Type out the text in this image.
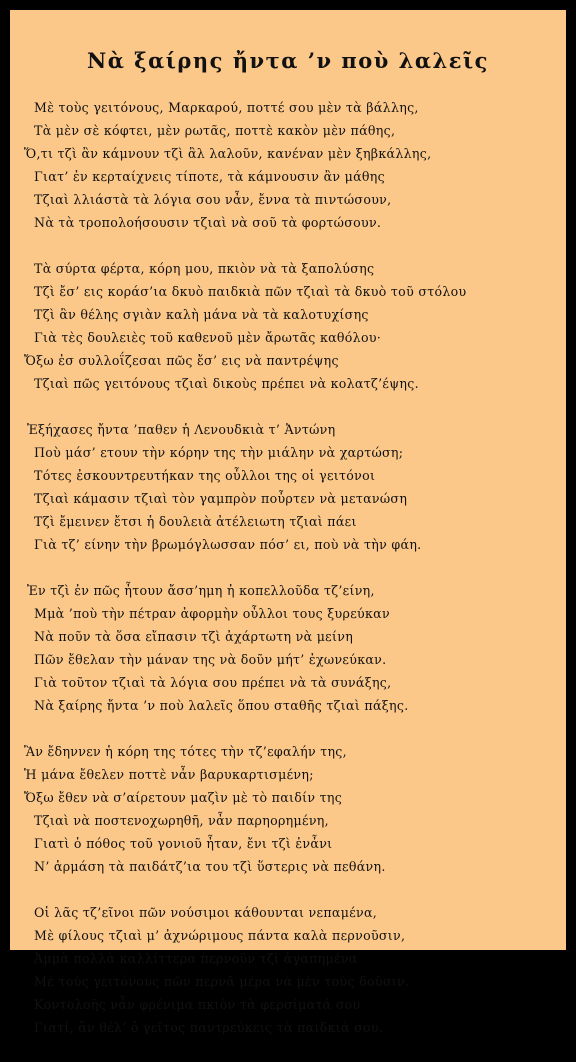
Νὰ ξαίρης ἤντα ’ν ποὺ λαλεῖς
Μὲ τοὺς γειτόνους, Μαρκαρού, ποττέ σου μὲν τὰ βάλλης,
Τὰ μὲν σὲ κόφτει, μὲν ρωτᾶς, ποττὲ κακὸν μὲν πάθης,
Ὅ,τι τζὶ ἂν κάμνουν τζὶ ἂλ λαλοῦν, κανέναν μὲν ξηβκάλλης,
Γιατ’ ἐν κερταίχνεις τίποτε, τὰ κάμνουσιν ἂν μάθης
Τζιαὶ λλιάστὰ τὰ λόγια σου νἆν, ἔννα τὰ πιντώσουν,
Νὰ τὰ τροπολοήσουσιν τζιαὶ νὰ σοῦ τὰ φορτώσουν.
Τὰ σύρτα φέρτα, κόρη μου, πκιὸν νὰ τὰ ξαπολύσης
Τζὶ ἔσ’ εις κοράσ’ια δκυὸ παιδκιὰ πῶν τζιαὶ τὰ δκυὸ τοῦ στόλου
Τζὶ ἂν θέλης σγιὰν καλὴ μάνα νὰ τὰ καλοτυχίσης
Γιὰ τὲς δουλειὲς τοῦ καθενοῦ μὲν ἄρωτᾶς καθόλου·
Ὄξω ἐσ συλλοΐζεσαι πῶς ἔσ’ εις νὰ παντρέψης
Τζιαὶ πῶς γειτόνους τζιαὶ δικοὺς πρέπει νὰ κολατζ’έψης.
Ἐξήχασες ἤντα ’παθεν ἡ Λενουδκιὰ τ’ Ἀντώνη
Ποὺ μάσ’ ετουν τὴν κόρην της τὴν μιάλην νὰ χαρτώση;
Τότες ἐσκουντρευτήκαν της οὖλλοι της οἱ γειτόνοι
Τζιαὶ κάμασιν τζιαὶ τὸν γαμπρὸν ποὖρτεν νὰ μετανώση
Τζὶ ἔμεινεν ἔτσι ἡ δουλειὰ ἀτέλειωτη τζιαὶ πάει
Γιὰ τζ’ είνην τὴν βρωμόγλωσσαν πόσ’ ει, ποὺ νὰ τὴν φάη.
Ἐν τζὶ ἐν πῶς ἦτουν ἄσσ’ημη ἡ κοπελλοῦδα τζ’είνη,
Μμὰ ’ποὺ τὴν πέτραν ἀφορμὴν οὖλλοι τους ξυρεύκαν
Νὰ ποῦν τὰ ὅσα εἴπασιν τζὶ ἀχάρτωτη νὰ μείνη
Πῶν ἔθελαν τὴν μάναν της νὰ δοῦν μήτ’ ἐχωνεύκαν.
Γιὰ τοῦτον τζιαὶ τὰ λόγια σου πρέπει νὰ τὰ συνάξης,
Νὰ ξαίρης ἤντα ’ν ποὺ λαλεῖς ὅπου σταθῆς τζιαὶ πάξης.
Ἂν ἔδηννεν ἡ κόρη της τότες τὴν τζ’εφαλήν της,
Ἡ μάνα ἔθελεν ποττὲ νἆν βαρυκαρτισμένη;
Ὄξω ἔθεν νὰ σ’αίρετουν μαζὶν μὲ τὸ παιδίν της
Τζιαὶ νὰ ποστενοχωρηθῆ, νἆν παρηορημένη,
Γιατὶ ὁ πόθος τοῦ γονιοῦ ἦταν, ἔνι τζὶ ἐνἆνι
Ν’ ἁρμάση τὰ παιδάτζ’ια του τζὶ ὕστερις νὰ πεθάνη.
Οἱ λᾶς τζ’εῖνοι πῶν νούσιμοι κάθουνται νεπαμένα,
Μὲ φίλους τζιαὶ μ’ ἀχνώριμους πάντα καλὰ περνοῦσιν,
Ἀμμὰ πολλὰ καλλίττερα περνοῦν τζὶ ἀγαπημένα
Μὲ τοὺς γειτόνους πῶν περνᾶ μέρα νὰ μὲν τοὺς δοῦσιν.
Κοντολοῆς νἆν φρένιμα πκιὸν τὰ φερσίματά σου
Γιατί, ἂν θέλ’ ὁ γεῖτος παντρεύκεις τὰ παιδκιά σου.
